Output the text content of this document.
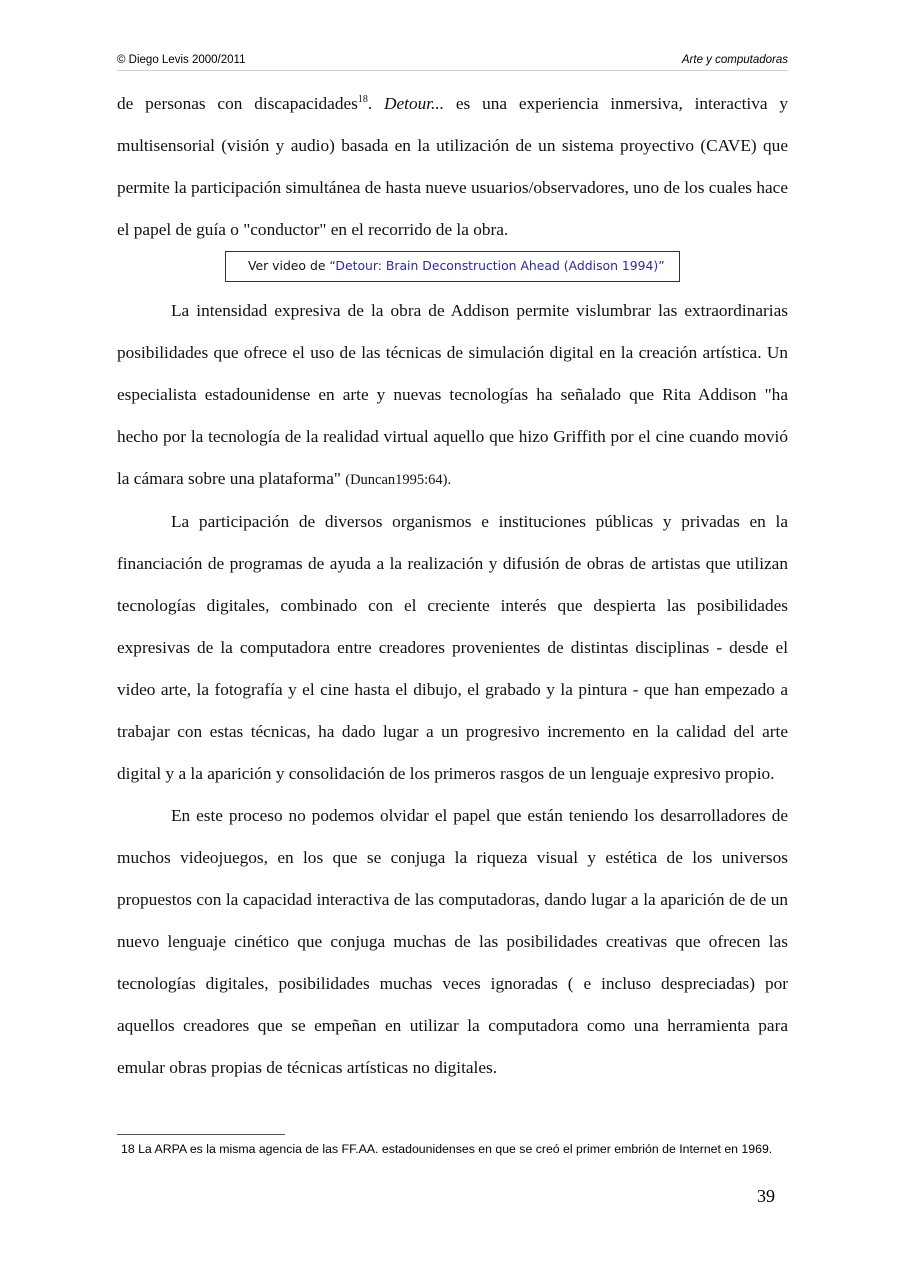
© Diego Levis 2000/2011	Arte y computadoras

de personas con discapacidades$^{18}$. Detour... es una experiencia inmersiva, interactiva y multisensorial (visión y audio) basada en la utilización de un sistema proyectivo (CAVE) que permite la participación simultánea de hasta nueve usuarios/observadores, uno de los cuales hace el papel de guía o "conductor" en el recorrido de la obra.

Ver video de “Detour: Brain Deconstruction Ahead (Addison 1994)”

La intensidad expresiva de la obra de Addison permite vislumbrar las extraordinarias posibilidades que ofrece el uso de las técnicas de simulación digital en la creación artística. Un especialista estadounidense en arte y nuevas tecnologías ha señalado que Rita Addison "ha hecho por la tecnología de la realidad virtual aquello que hizo Griffith por el cine cuando movió la cámara sobre una plataforma" (Duncan1995:64).

La participación de diversos organismos e instituciones públicas y privadas en la financiación de programas de ayuda a la realización y difusión de obras de artistas que utilizan tecnologías digitales, combinado con el creciente interés que despierta las posibilidades expresivas de la computadora entre creadores provenientes de distintas disciplinas - desde el video arte, la fotografía y el cine hasta el dibujo, el grabado y la pintura - que han empezado a trabajar con estas técnicas, ha dado lugar a un progresivo incremento en la calidad del arte digital y a la aparición y consolidación de los primeros rasgos de un lenguaje expresivo propio.

En este proceso no podemos olvidar el papel que están teniendo los desarrolladores de muchos videojuegos, en los que se conjuga la riqueza visual y estética de los universos propuestos con la capacidad interactiva de las computadoras, dando lugar a la aparición de de un nuevo lenguaje cinético que conjuga muchas de las posibilidades creativas que ofrecen las tecnologías digitales, posibilidades muchas veces ignoradas ( e incluso despreciadas) por aquellos creadores que se empeñan en utilizar la computadora como una herramienta para emular obras propias de técnicas artísticas no digitales.

18 La ARPA es la misma agencia de las FF.AA. estadounidenses en que se creó el primer embrión de Internet en 1969.
39
